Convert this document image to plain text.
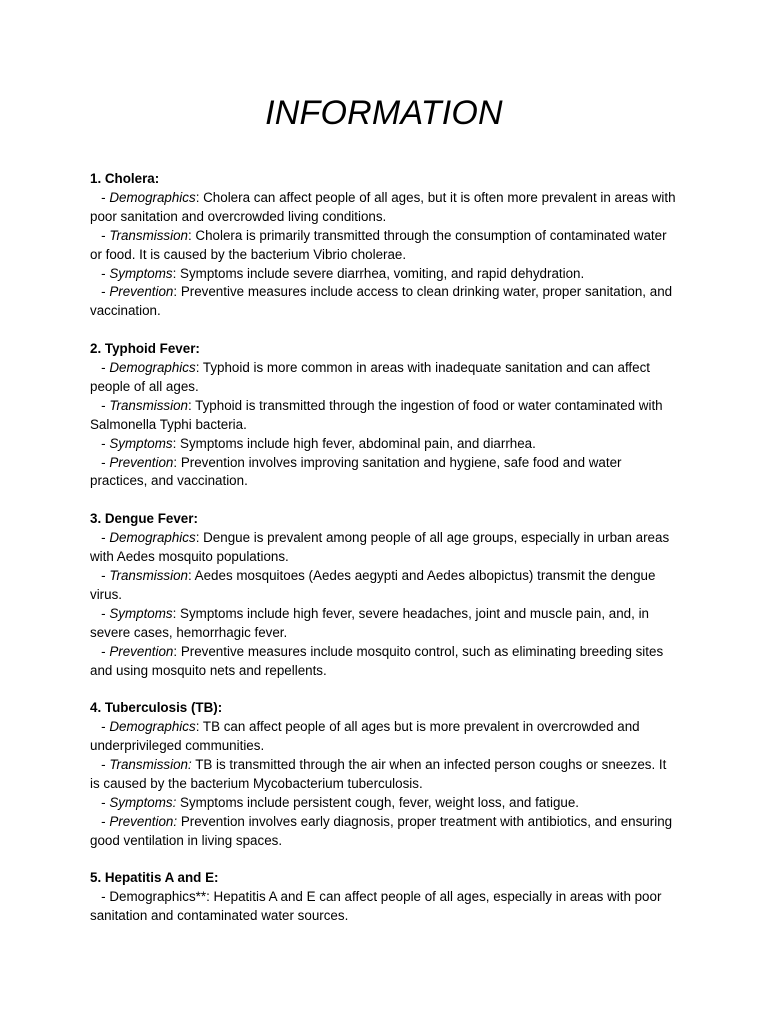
INFORMATION
1. Cholera:

- Demographics: Cholera can affect people of all ages, but it is often more prevalent in areas with poor sanitation and overcrowded living conditions.

- Transmission: Cholera is primarily transmitted through the consumption of contaminated water or food. It is caused by the bacterium Vibrio cholerae.

- Symptoms: Symptoms include severe diarrhea, vomiting, and rapid dehydration.

- Prevention: Preventive measures include access to clean drinking water, proper sanitation, and vaccination.

2. Typhoid Fever:

- Demographics: Typhoid is more common in areas with inadequate sanitation and can affect people of all ages.

- Transmission: Typhoid is transmitted through the ingestion of food or water contaminated with Salmonella Typhi bacteria.

- Symptoms: Symptoms include high fever, abdominal pain, and diarrhea.

- Prevention: Prevention involves improving sanitation and hygiene, safe food and water practices, and vaccination.

3. Dengue Fever:

- Demographics: Dengue is prevalent among people of all age groups, especially in urban areas with Aedes mosquito populations.

- Transmission: Aedes mosquitoes (Aedes aegypti and Aedes albopictus) transmit the dengue virus.

- Symptoms: Symptoms include high fever, severe headaches, joint and muscle pain, and, in severe cases, hemorrhagic fever.

- Prevention: Preventive measures include mosquito control, such as eliminating breeding sites and using mosquito nets and repellents.

4. Tuberculosis (TB):

- Demographics: TB can affect people of all ages but is more prevalent in overcrowded and underprivileged communities.

- Transmission: TB is transmitted through the air when an infected person coughs or sneezes. It is caused by the bacterium Mycobacterium tuberculosis.

- Symptoms: Symptoms include persistent cough, fever, weight loss, and fatigue.

- Prevention: Prevention involves early diagnosis, proper treatment with antibiotics, and ensuring good ventilation in living spaces.

5. Hepatitis A and E:

- Demographics**: Hepatitis A and E can affect people of all ages, especially in areas with poor sanitation and contaminated water sources.
